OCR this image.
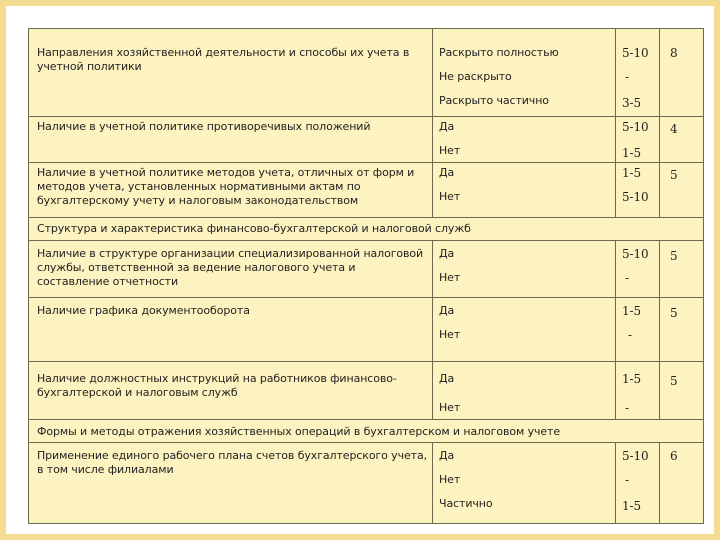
Направления хозяйственной деятельности и способы их учета в учетной политики
Раскрыто полностью
Не раскрыто
Раскрыто частично
5-10
-
3-5
8
Наличие в учетной политике противоречивых положений	Да
Нет
5-10
1-5
4
Наличие в учетной политике методов учета, отличных от форм и методов учета, установленных нормативными актам по бухгалтерскому учету и налоговым законодательством
Да
Нет
1-5
5-10
5
Структура и характеристика финансово-бухгалтерской и налоговой служб
Наличие в структуре организации специализированной налоговой службы, ответственной за ведение налогового учета и составление отчетности
Да
Нет
5-10
-
5
Наличие графика документооборота	Да
Нет
1-5
-
5
Наличие должностных инструкций на работников финансово-бухгалтерской и налоговым служб
Да
Нет
1-5
-
5
Формы и методы отражения хозяйственных операций в бухгалтерском и налоговом учете
Применение единого рабочего плана счетов бухгалтерского учета, в том числе филиалами
Да
Нет
Частично
5-10
-
1-5
6
